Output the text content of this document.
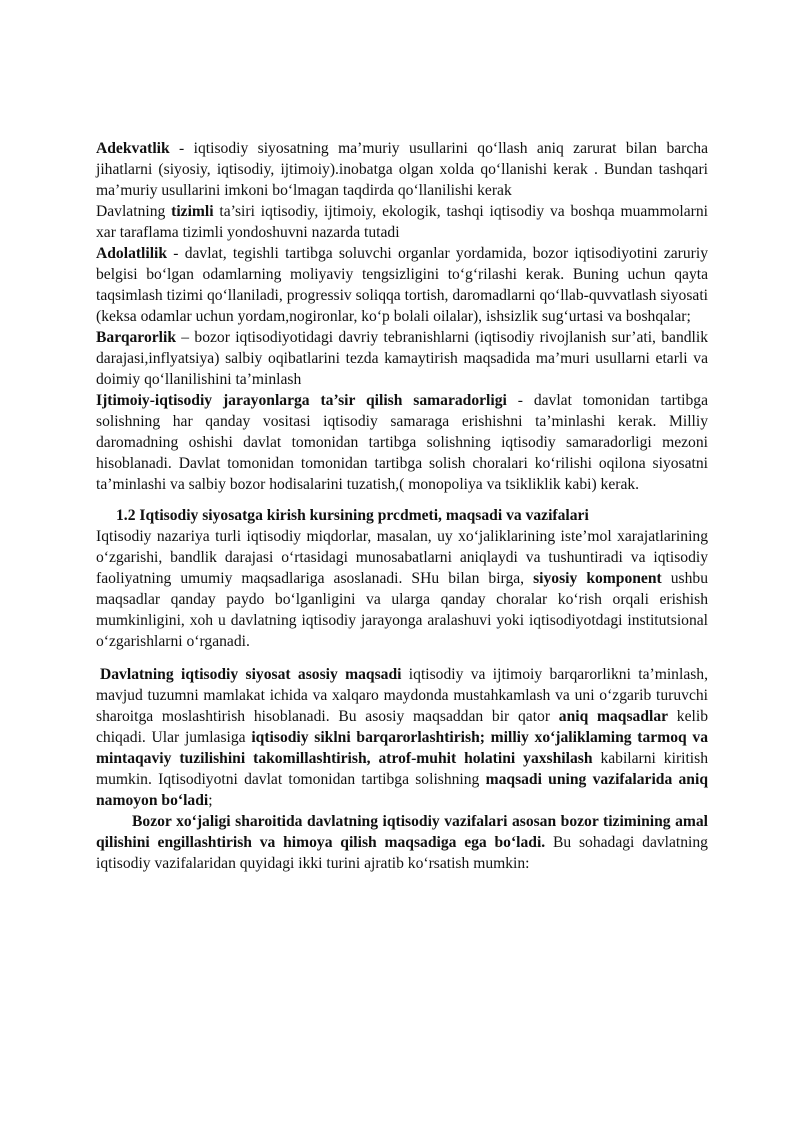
Adekvatlik - iqtisodiy siyosatning ma’muriy usullarini qo‘llash aniq zarurat bilan barcha jihatlarni (siyosiy, iqtisodiy, ijtimoiy).inobatga olgan xolda qo‘llanishi kerak . Bundan tashqari ma’muriy usullarini imkoni bo‘lmagan taqdirda qo‘llanilishi kerak

Davlatning tizimli ta’siri iqtisodiy, ijtimoiy, ekologik, tashqi iqtisodiy va boshqa muammolarni xar taraflama tizimli yondoshuvni nazarda tutadi

Adolatlilik - davlat, tegishli tartibga soluvchi organlar yordamida, bozor iqtisodiyotini zaruriy belgisi bo‘lgan odamlarning moliyaviy tengsizligini to‘g‘rilashi kerak. Buning uchun qayta taqsimlash tizimi qo‘llaniladi, progressiv soliqqa tortish, daromadlarni qo‘llab-quvvatlash siyosati (keksa odamlar uchun yordam,nogironlar, ko‘p bolali oilalar), ishsizlik sug‘urtasi va boshqalar;

Barqarorlik – bozor iqtisodiyotidagi davriy tebranishlarni (iqtisodiy rivojlanish sur’ati, bandlik darajasi,inflyatsiya) salbiy oqibatlarini tezda kamaytirish maqsadida ma’muri usullarni etarli va doimiy qo‘llanilishini ta’minlash

Ijtimoiy-iqtisodiy jarayonlarga ta’sir qilish samaradorligi - davlat tomonidan tartibga solishning har qanday vositasi iqtisodiy samaraga erishishni ta’minlashi kerak. Milliy daromadning oshishi davlat tomonidan tartibga solishning iqtisodiy samaradorligi mezoni hisoblanadi. Davlat tomonidan tomonidan tartibga solish choralari ko‘rilishi oqilona siyosatni ta’minlashi va salbiy bozor hodisalarini tuzatish,( monopoliya va tsikliklik kabi) kerak.

1.2 Iqtisodiy siyosatga kirish kursining prcdmeti, maqsadi va vazifalari

Iqtisodiy nazariya turli iqtisodiy miqdorlar, masalan, uy xo‘jaliklarining iste’mol xarajatlarining o‘zgarishi, bandlik darajasi o‘rtasidagi munosabatlarni aniqlaydi va tushuntiradi va iqtisodiy faoliyatning umumiy maqsadlariga asoslanadi. SHu bilan birga, siyosiy komponent ushbu maqsadlar qanday paydo bo‘lganligini va ularga qanday choralar ko‘rish orqali erishish mumkinligini, xoh u davlatning iqtisodiy jarayonga aralashuvi yoki iqtisodiyotdagi institutsional o‘zgarishlarni o‘rganadi.

Davlatning iqtisodiy siyosat asosiy maqsadi iqtisodiy va ijtimoiy barqarorlikni ta’minlash, mavjud tuzumni mamlakat ichida va xalqaro maydonda mustahkamlash va uni o‘zgarib turuvchi sharoitga moslashtirish hisoblanadi. Bu asosiy maqsaddan bir qator aniq maqsadlar kelib chiqadi. Ular jumlasiga iqtisodiy siklni barqarorlashtirish; milliy xo‘jaliklaming tarmoq va mintaqaviy tuzilishini takomillashtirish, atrof-muhit holatini yaxshilash kabilarni kiritish mumkin. Iqtisodiyotni davlat tomonidan tartibga solishning maqsadi uning vazifalarida aniq namoyon bo‘ladi;

Bozor xo‘jaligi sharoitida davlatning iqtisodiy vazifalari asosan bozor tizimining amal qilishini engillashtirish va himoya qilish maqsadiga ega bo‘ladi. Bu sohadagi davlatning iqtisodiy vazifalaridan quyidagi ikki turini ajratib ko‘rsatish mumkin:
